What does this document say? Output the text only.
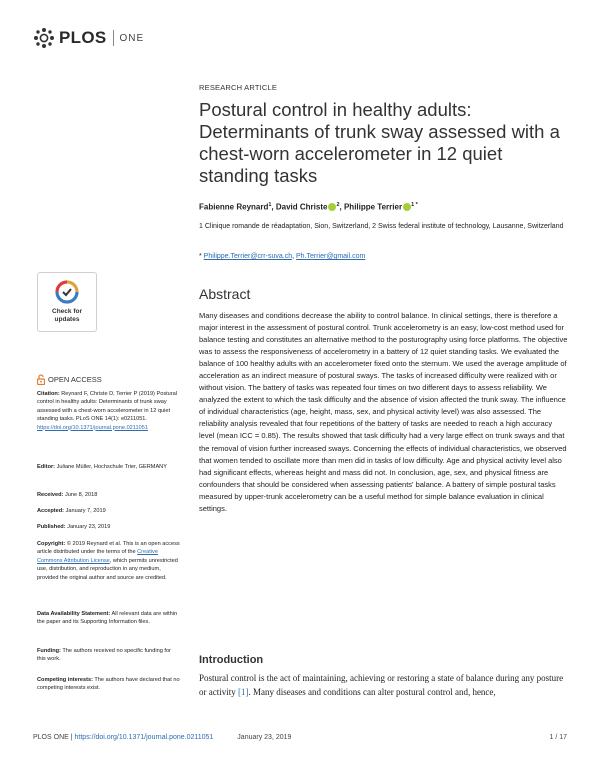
PLOS ONE
RESEARCH ARTICLE
Postural control in healthy adults: Determinants of trunk sway assessed with a chest-worn accelerometer in 12 quiet standing tasks
Fabienne Reynard$^1$, David Christe $^2$, Philippe Terrier $^{1 *}$
1 Clinique romande de réadaptation, Sion, Switzerland, 2 Swiss federal institute of technology, Lausanne, Switzerland
* Philippe.Terrier@crr-suva.ch, Ph.Terrier@gmail.com
Abstract

Many diseases and conditions decrease the ability to control balance. In clinical settings, there is therefore a major interest in the assessment of postural control. Trunk accelerometry is an easy, low-cost method used for balance testing and constitutes an alternative method to the posturography using force platforms. The objective was to assess the responsiveness of accelerometry in a battery of 12 quiet standing tasks. We evaluated the balance of 100 healthy adults with an accelerometer fixed onto the sternum. We used the average amplitude of acceleration as an indirect measure of postural sways. The tasks of increased difficulty were realized with or without vision. The battery of tasks was repeated four times on two different days to assess reliability. We analyzed the extent to which the task difficulty and the absence of vision affected the trunk sway. The influence of individual characteristics (age, height, mass, sex, and physical activity level) was also assessed. The reliability analysis revealed that four repetitions of the battery of tasks are needed to reach a high accuracy level (mean ICC = 0.85). The results showed that task difficulty had a very large effect on trunk sways and that the removal of vision further increased sways. Concerning the effects of individual characteristics, we observed that women tended to oscillate more than men did in tasks of low difficulty. Age and physical activity level also had significant effects, whereas height and mass did not. In conclusion, age, sex, and physical fitness are confounders that should be considered when assessing patients' balance. A battery of simple postural tasks measured by upper-trunk accelerometry can be a useful method for simple balance evaluation in clinical settings.

Introduction

Postural control is the act of maintaining, achieving or restoring a state of balance during any posture or activity [1]. Many diseases and conditions can alter postural control and, hence,

Check for
updates
OPEN ACCESS
Citation: Reynard F, Christe D, Terrier P (2019) Postural control in healthy adults: Determinants of trunk sway assessed with a chest-worn accelerometer in 12 quiet standing tasks. PLoS ONE 14(1): e0211051. https://doi.org/10.1371/journal.pone.0211051
Editor: Juliane Müller, Hochschule Trier, GERMANY
Received: June 8, 2018
Accepted: January 7, 2019
Published: January 23, 2019
Copyright: © 2019 Reynard et al. This is an open access article distributed under the terms of the Creative Commons Attribution License, which permits unrestricted use, distribution, and reproduction in any medium, provided the original author and source are credited.
Data Availability Statement: All relevant data are within the paper and its Supporting Information files.
Funding: The authors received no specific funding for this work.
Competing interests: The authors have declared that no competing interests exist.
PLOS ONE | https://doi.org/10.1371/journal.pone.0211051	January 23, 2019	1 / 17
